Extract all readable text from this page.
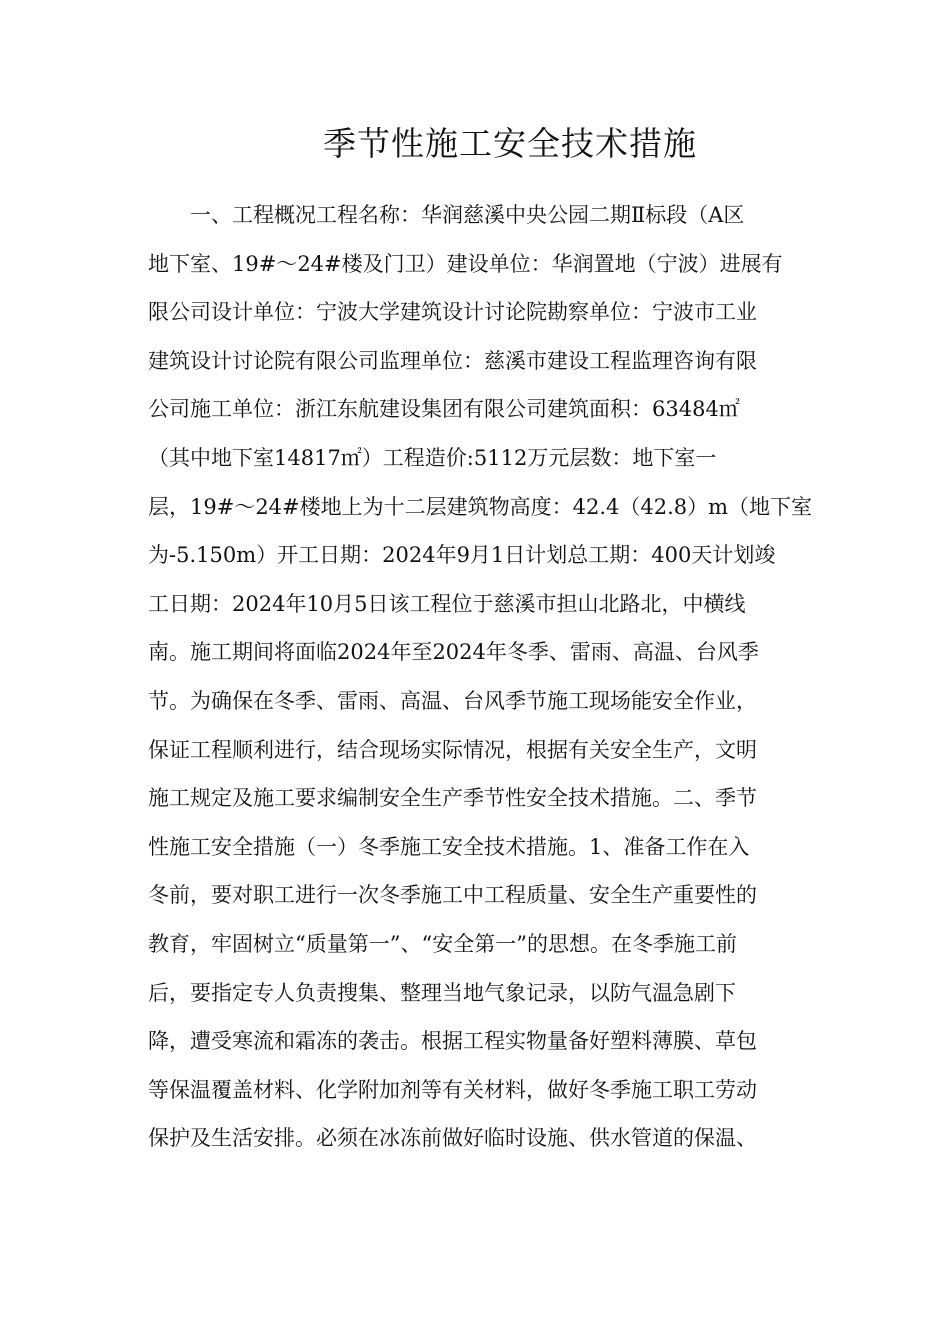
季节性施工安全技术措施
一、工程概况工程名称：华润慈溪中央公园二期Ⅱ标段（A区
地下室、19#～24#楼及门卫）建设单位：华润置地（宁波）进展有
限公司设计单位：宁波大学建筑设计讨论院勘察单位：宁波市工业
建筑设计讨论院有限公司监理单位：慈溪市建设工程监理咨询有限
公司施工单位：浙江东航建设集团有限公司建筑面积：63484㎡
（其中地下室14817㎡）工程造价:5112万元层数：地下室一
层，19#～24#楼地上为十二层建筑物高度：42.4（42.8）m（地下室
为-5.150m）开工日期：2024年9月1日计划总工期：400天计划竣
工日期：2024年10月5日该工程位于慈溪市担山北路北，中横线
南。施工期间将面临2024年至2024年冬季、雷雨、高温、台风季
节。为确保在冬季、雷雨、高温、台风季节施工现场能安全作业，
保证工程顺利进行，结合现场实际情况，根据有关安全生产，文明
施工规定及施工要求编制安全生产季节性安全技术措施。二、季节
性施工安全措施（一）冬季施工安全技术措施。1、准备工作在入
冬前，要对职工进行一次冬季施工中工程质量、安全生产重要性的
教育，牢固树立“质量第一”、“安全第一”的思想。在冬季施工前
后，要指定专人负责搜集、整理当地气象记录，以防气温急剧下
降，遭受寒流和霜冻的袭击。根据工程实物量备好塑料薄膜、草包
等保温覆盖材料、化学附加剂等有关材料，做好冬季施工职工劳动
保护及生活安排。必须在冰冻前做好临时设施、供水管道的保温、
